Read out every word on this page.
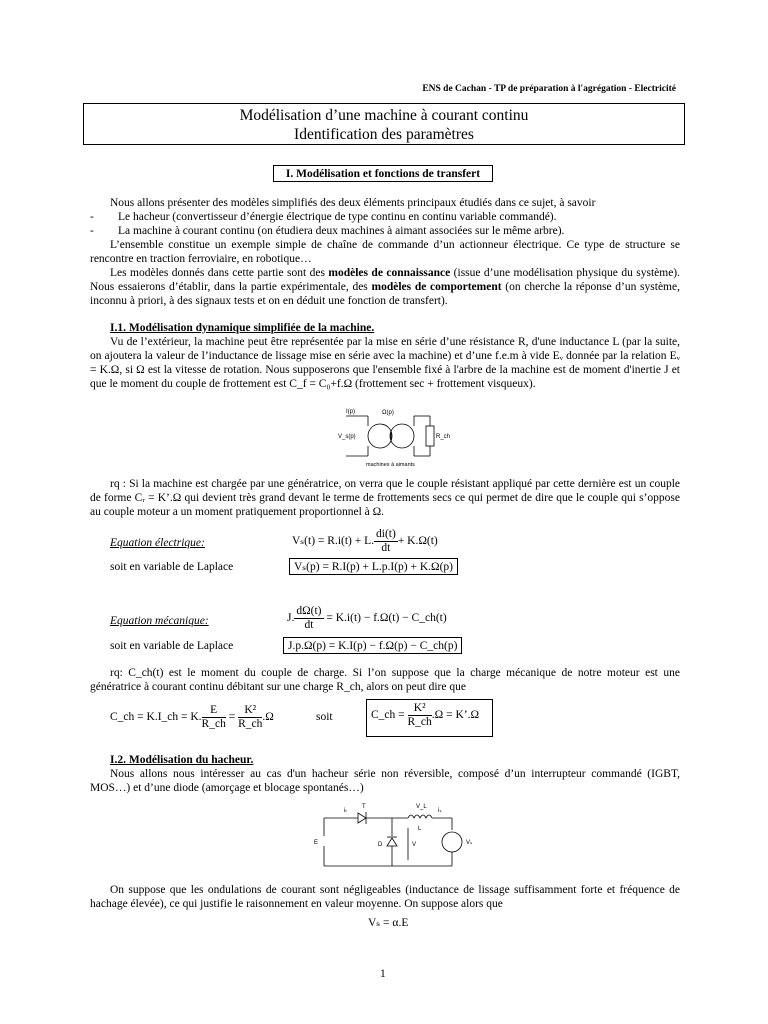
ENS de Cachan - TP de préparation à l'agrégation - Electricité
Modélisation d’une machine à courant continu
Identification des paramètres
I. Modélisation et fonctions de transfert
Nous allons présenter des modèles simplifiés des deux éléments principaux étudiés dans ce sujet, à savoir
- Le hacheur (convertisseur d’énergie électrique de type continu en continu variable commandé).
- La machine à courant continu (on étudiera deux machines à aimant associées sur le même arbre).
L’ensemble constitue un exemple simple de chaîne de commande d’un actionneur électrique. Ce type de structure se rencontre en traction ferroviaire, en robotique…
Les modèles donnés dans cette partie sont des modèles de connaissance (issue d’une modélisation physique du système). Nous essaierons d’établir, dans la partie expérimentale, des modèles de comportement (on cherche la réponse d’un système, inconnu à priori, à des signaux tests et on en déduit une fonction de transfert).
I.1. Modélisation dynamique simplifiée de la machine.
Vu de l’extérieur, la machine peut être représentée par la mise en série d’une résistance R, d'une inductance L (par la suite, on ajoutera la valeur de l’inductance de lissage mise en série avec la machine) et d’une f.e.m à vide Eᵥ donnée par la relation Eᵥ = K.Ω, si Ω est la vitesse de rotation. Nous supposerons que l'ensemble fixé à l'arbre de la machine est de moment d'inertie J et que le moment du couple de frottement est C_f = C₀+f.Ω (frottement sec + frottement visqueux).
I(p)	Ω(p)
V_s(p)	R_ch
machines à aimants
rq : Si la machine est chargée par une génératrice, on verra que le couple résistant appliqué par cette dernière est un couple de forme Cᵣ = K’.Ω qui devient très grand devant le terme de frottements secs ce qui permet de dire que le couple qui s’oppose au couple moteur a un moment pratiquement proportionnel à Ω.
Equation électrique:	Vₛ(t) = R.i(t) + L. $\frac{di(t)}{dt} + K.\Omega(t)$
soit en variable de Laplace	Vₛ(p) = R.I(p) + L.p.I(p) + K.Ω(p)
Equation mécanique:	J. $\frac{d\Omega(t)}{dt} = K.i(t) - f.\Omega(t)$ − C_ch(t)
soit en variable de Laplace	J.p.Ω(p) = K.I(p) − f.Ω(p) − C_ch(p)
rq: C_ch(t) est le moment du couple de charge. Si l’on suppose que la charge mécanique de notre moteur est une génératrice à courant continu débitant sur une charge R_ch, alors on peut dire que
C_ch = K.I_ch = K. $\frac{E}{R\_ch} = \frac{\text{K²}}{R\_ch} .\Omega$	soit	C_ch = $\frac{\text{K²}}{R\_ch} .\Omega$ = K’.Ω
I.2. Modélisation du hacheur.
Nous allons nous intéresser au cas d'un hacheur série non réversible, composé d’un interrupteur commandé (IGBT, MOS…) et d’une diode (amorçage et blocage spontanés…)
iₜ
T	V_L
iₛ
L
E	D	V	Vₛ
On suppose que les ondulations de courant sont négligeables (inductance de lissage suffisamment forte et fréquence de hachage élevée), ce qui justifie le raisonnement en valeur moyenne. On suppose alors que
Vₛ = α.E
1
